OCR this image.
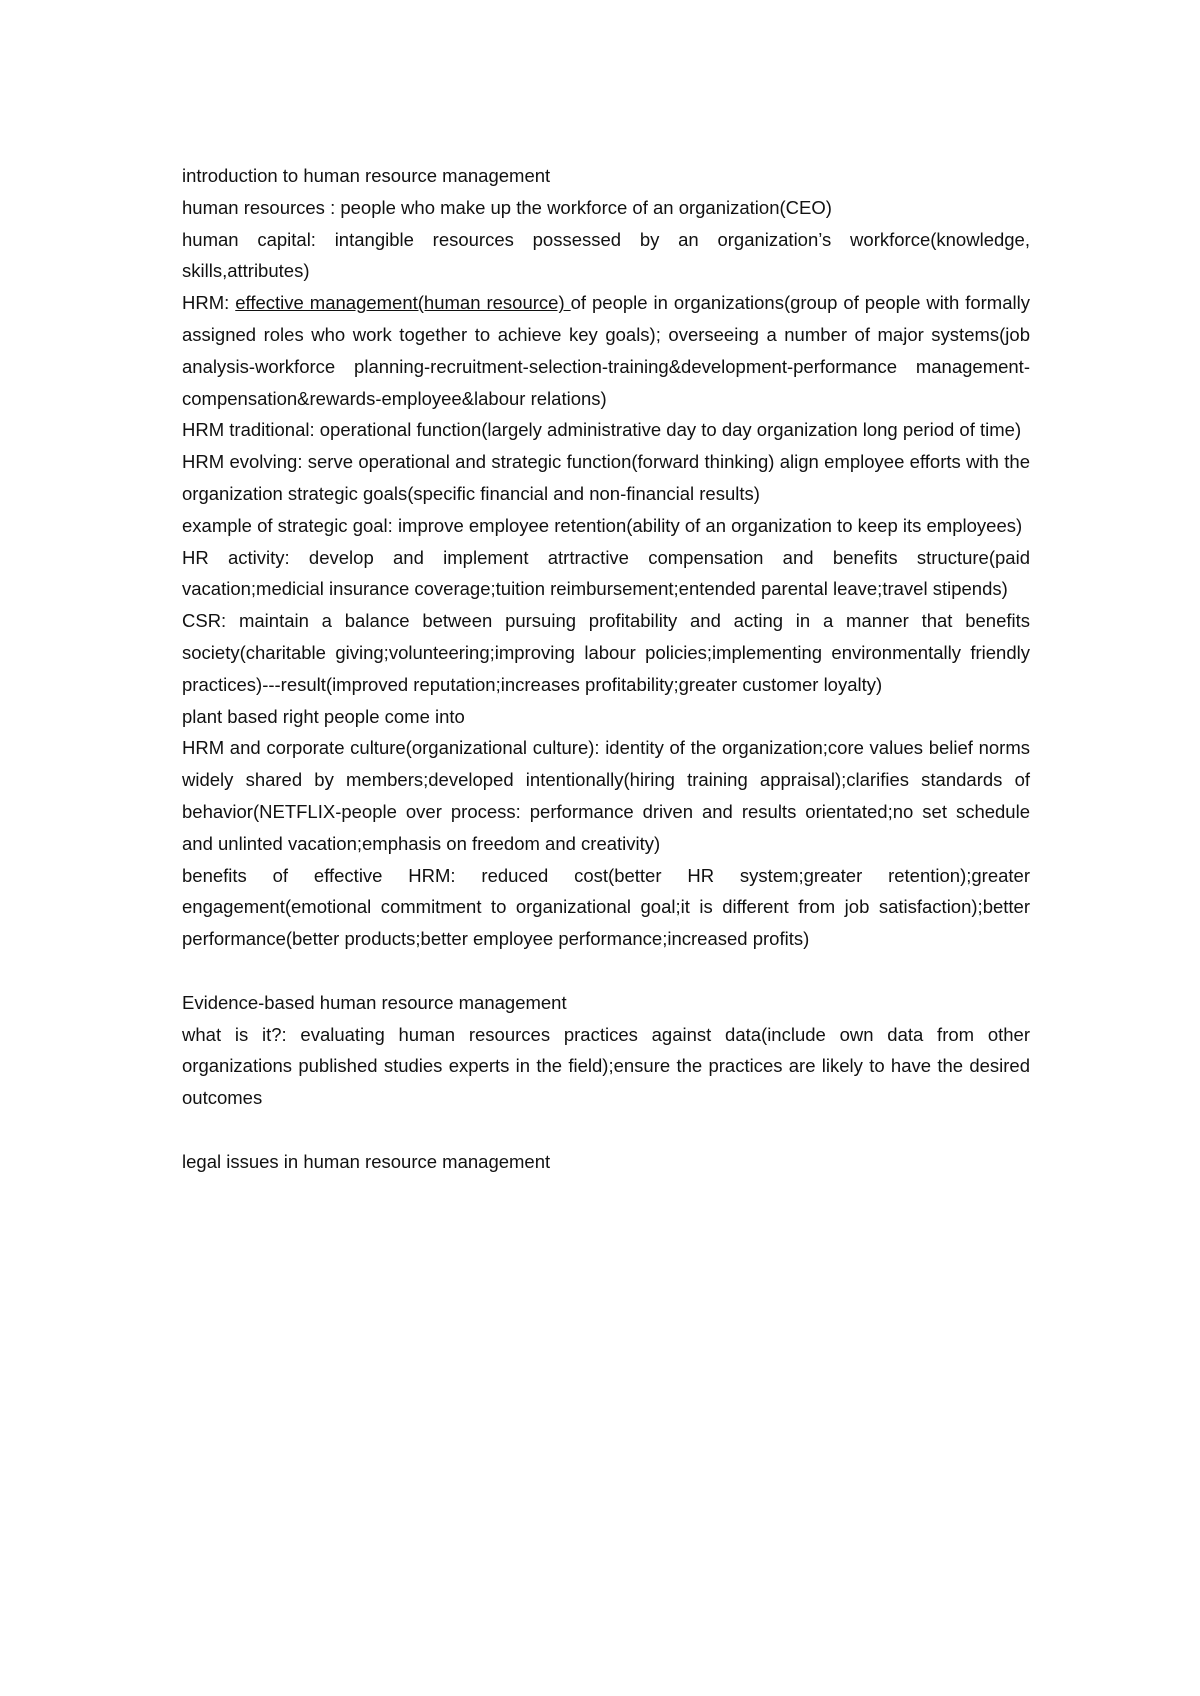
introduction to human resource management

human resources : people who make up the workforce of an organization(CEO)

human capital: intangible resources possessed by an organization’s workforce(knowledge, skills,attributes)

HRM: effective management(human resource) of people in organizations(group of people with formally assigned roles who work together to achieve key goals); overseeing a number of major systems(job analysis-workforce planning-recruitment-selection-training&development-performance management-compensation&rewards-employee&labour relations)

HRM traditional: operational function(largely administrative day to day organization long period of time)

HRM evolving: serve operational and strategic function(forward thinking) align employee efforts with the organization strategic goals(specific financial and non-financial results)

example of strategic goal: improve employee retention(ability of an organization to keep its employees)

HR activity: develop and implement atrtractive compensation and benefits structure(paid vacation;medicial insurance coverage;tuition reimbursement;entended parental leave;travel stipends)

CSR: maintain a balance between pursuing profitability and acting in a manner that benefits society(charitable giving;volunteering;improving labour policies;implementing environmentally friendly practices)---result(improved reputation;increases profitability;greater customer loyalty)

plant based right people come into

HRM and corporate culture(organizational culture): identity of the organization;core values belief norms widely shared by members;developed intentionally(hiring training appraisal);clarifies standards of behavior(NETFLIX-people over process: performance driven and results orientated;no set schedule and unlinted vacation;emphasis on freedom and creativity)

benefits of effective HRM: reduced cost(better HR system;greater retention);greater engagement(emotional commitment to organizational goal;it is different from job satisfaction);better performance(better products;better employee performance;increased profits)

Evidence-based human resource management

what is it?: evaluating human resources practices against data(include own data from other organizations published studies experts in the field);ensure the practices are likely to have the desired outcomes

legal issues in human resource management
